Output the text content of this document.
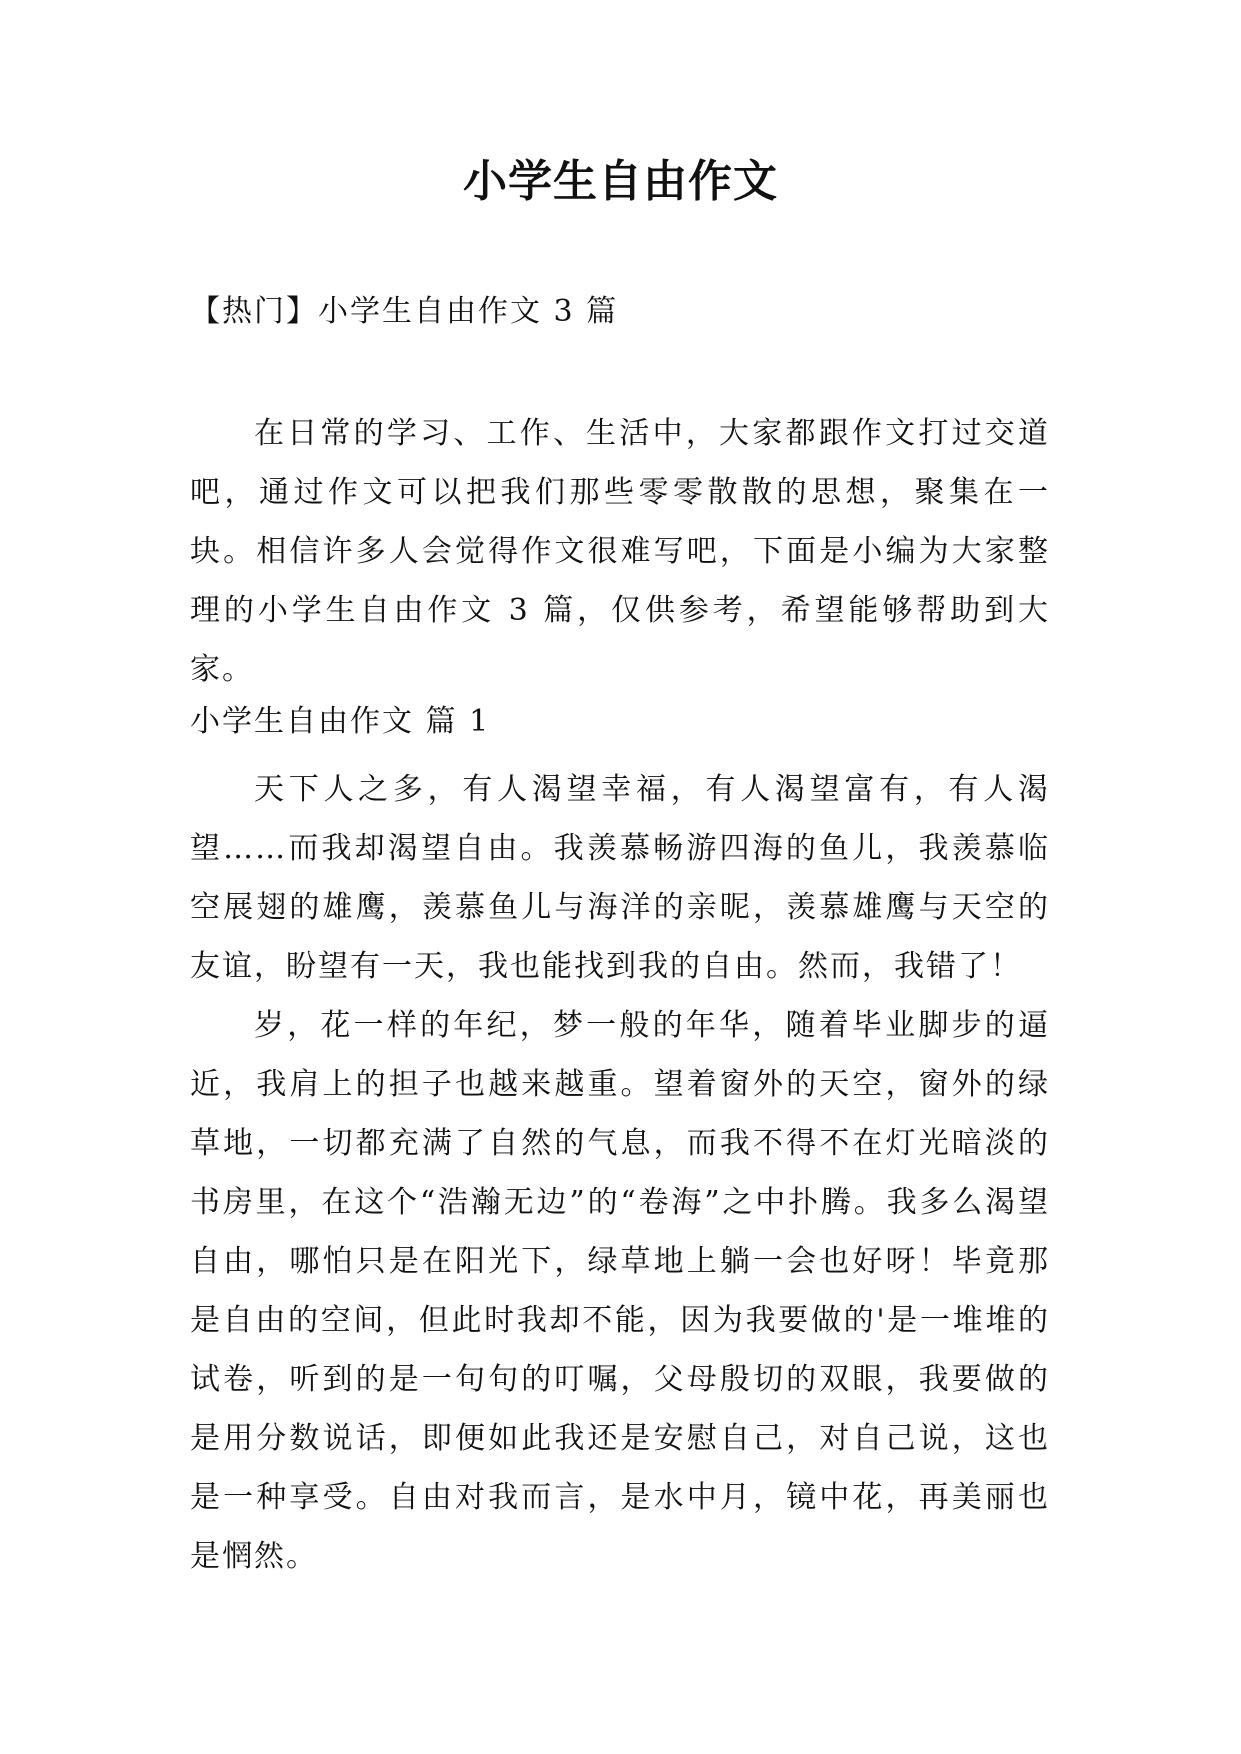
小学生自由作文

【热门】小学生自由作文 3 篇

在日常的学习、工作、生活中，大家都跟作文打过交道吧，通过作文可以把我们那些零零散散的思想，聚集在一块。相信许多人会觉得作文很难写吧，下面是小编为大家整理的小学生自由作文 3 篇，仅供参考，希望能够帮助到大家。

小学生自由作文 篇 1

天下人之多，有人渴望幸福，有人渴望富有，有人渴望……而我却渴望自由。我羡慕畅游四海的鱼儿，我羡慕临空展翅的雄鹰，羡慕鱼儿与海洋的亲昵，羡慕雄鹰与天空的友谊，盼望有一天，我也能找到我的自由。然而，我错了！

岁，花一样的年纪，梦一般的年华，随着毕业脚步的逼近，我肩上的担子也越来越重。望着窗外的天空，窗外的绿草地，一切都充满了自然的气息，而我不得不在灯光暗淡的书房里，在这个“浩瀚无边”的“卷海”之中扑腾。我多么渴望自由，哪怕只是在阳光下，绿草地上躺一会也好呀！毕竟那是自由的空间，但此时我却不能，因为我要做的'是一堆堆的试卷，听到的是一句句的叮嘱，父母殷切的双眼，我要做的是用分数说话，即便如此我还是安慰自己，对自己说，这也是一种享受。自由对我而言，是水中月，镜中花，再美丽也是惘然。
